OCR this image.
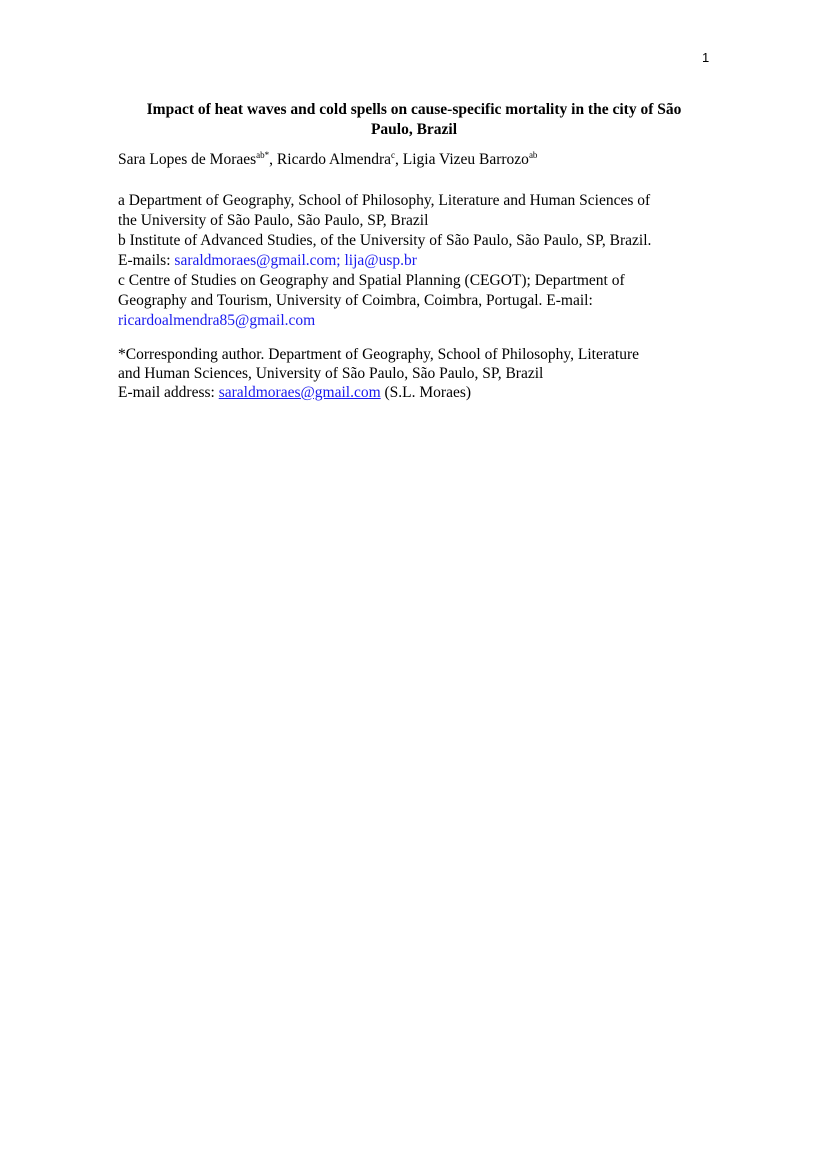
1
Impact of heat waves and cold spells on cause-specific mortality in the city of São
Paulo, Brazil
Sara Lopes de Moraes$^{ab*}$, Ricardo Almendra$^c$, Ligia Vizeu Barrozo$^{ab}$
a Department of Geography, School of Philosophy, Literature and Human Sciences of
the University of São Paulo, São Paulo, SP, Brazil
b Institute of Advanced Studies, of the University of São Paulo, São Paulo, SP, Brazil.
E-mails: saraldmoraes@gmail.com; lija@usp.br
c Centre of Studies on Geography and Spatial Planning (CEGOT); Department of
Geography and Tourism, University of Coimbra, Coimbra, Portugal. E-mail:
ricardoalmendra85@gmail.com
*Corresponding author. Department of Geography, School of Philosophy, Literature
and Human Sciences, University of São Paulo, São Paulo, SP, Brazil
E-mail address: saraldmoraes@gmail.com (S.L. Moraes)
